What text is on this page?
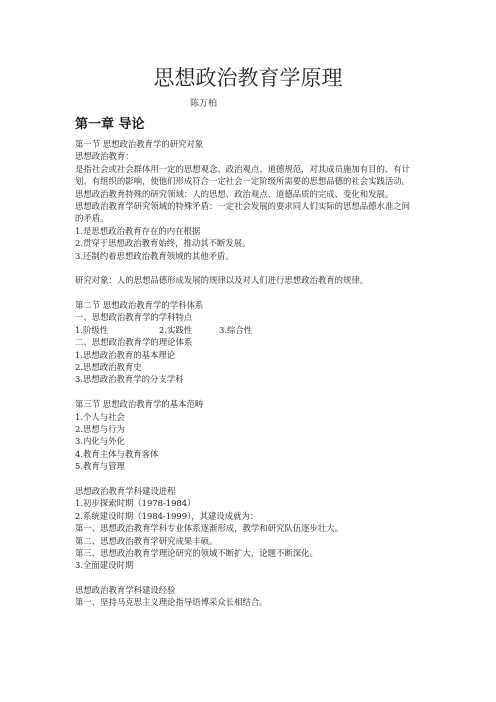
思想政治教育学原理
陈万柏
第一章 导论
第一节 思想政治教育学的研究对象
思想政治教育：
是指社会或社会群体用一定的思想观念、政治观点、道德规范，对其成员施加有目的、有计
划、有组织的影响，使他们形成符合一定社会一定阶级所需要的思想品德的社会实践活动。
思想政治教育特殊的研究领域：人的思想、政治观点、道德品质的完成、变化和发展。
思想政治教育学研究领域的特殊矛盾：一定社会发展的要求同人们实际的思想品德水准之间
的矛盾。
1.是思想政治教育存在的内在根据
2.贯穿于思想政治教育始终，推动其不断发展。
3.还制约着思想政治教育领域的其他矛盾。
研究对象：人的思想品德形成发展的规律以及对人们进行思想政治教育的规律。
第二节 思想政治教育学的学科体系
一、思想政治教育学的学科特点
1.阶级性	2.实践性	3.综合性
二、思想政治教育学的理论体系
1.思想政治教育的基本理论
2.思想政治教育史
3.思想政治教育学的分支学科
第三节 思想政治教育学的基本范畴
1.个人与社会
2.思想与行为
3.内化与外化
4.教育主体与教育客体
5.教育与管理
思想政治教育学科建设进程
1.初步探索时期（1978-1984）
2.系统建设时期（1984-1999），其建设成就为：
第一、思想政治教育学科专业体系逐渐形成，教学和研究队伍逐步壮大。
第二、思想政治教育学研究成果丰硕。
第三、思想政治教育学理论研究的领域不断扩大，论题不断深化。
3.全面建设时期
思想政治教育学科建设经验
第一、坚持马克思主义理论指导语博采众长相结合。
